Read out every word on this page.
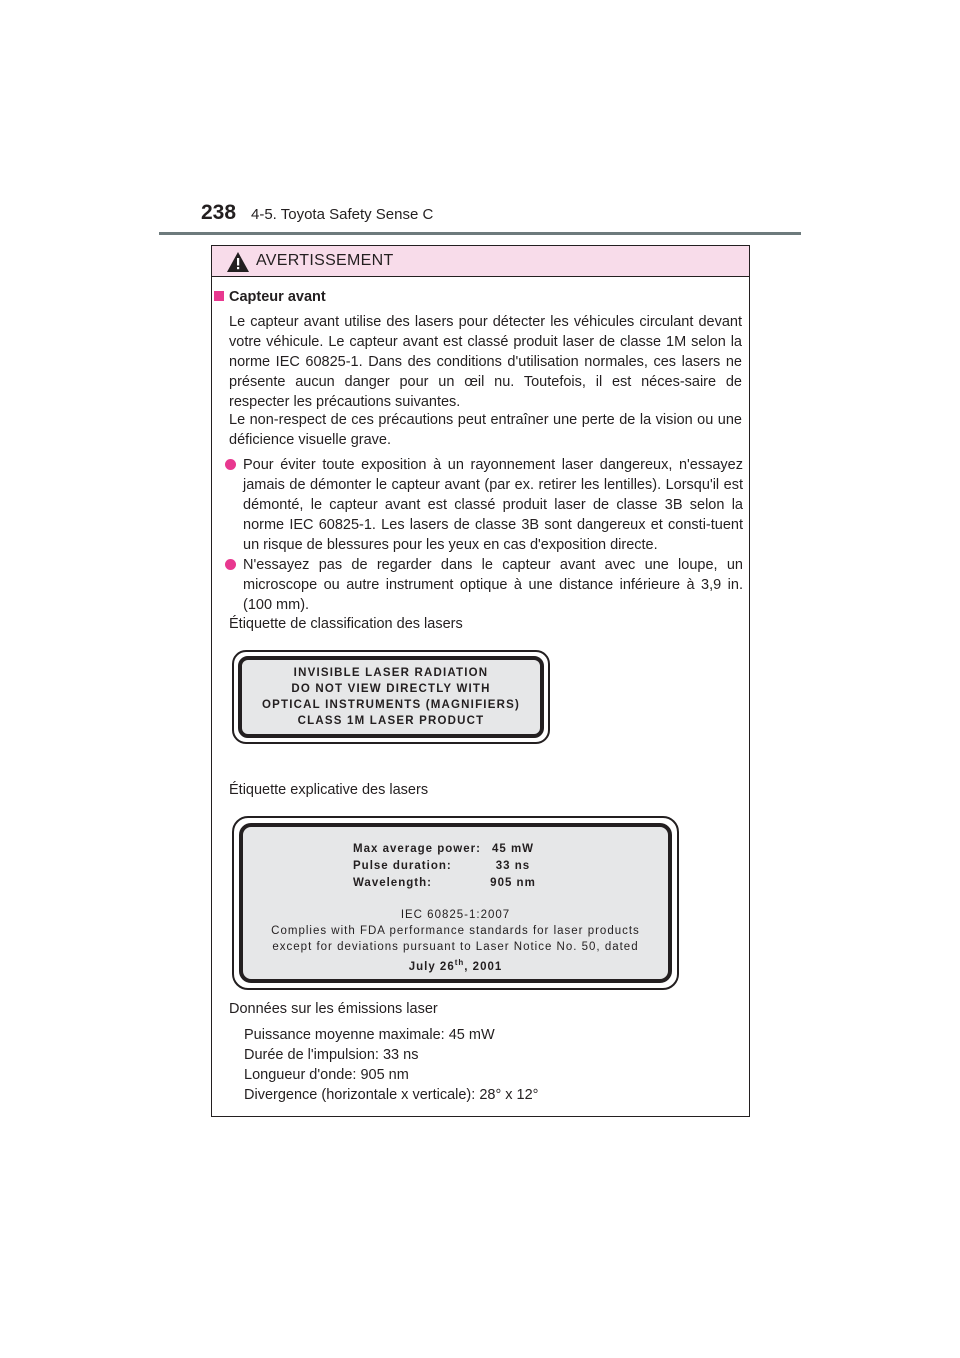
238 4-5. Toyota Safety Sense C
AVERTISSEMENT
Capteur avant
Le capteur avant utilise des lasers pour détecter les véhicules circulant devant votre véhicule. Le capteur avant est classé produit laser de classe 1M selon la norme IEC 60825-1. Dans des conditions d'utilisation normales, ces lasers ne présente aucun danger pour un œil nu. Toutefois, il est néces-saire de respecter les précautions suivantes.
Le non-respect de ces précautions peut entraîner une perte de la vision ou une déficience visuelle grave.
Pour éviter toute exposition à un rayonnement laser dangereux, n'essayez jamais de démonter le capteur avant (par ex. retirer les lentilles). Lorsqu'il est démonté, le capteur avant est classé produit laser de classe 3B selon la norme IEC 60825-1. Les lasers de classe 3B sont dangereux et consti-tuent un risque de blessures pour les yeux en cas d'exposition directe.
N'essayez pas de regarder dans le capteur avant avec une loupe, un microscope ou autre instrument optique à une distance inférieure à 3,9 in. (100 mm).
Étiquette de classification des lasers
INVISIBLE LASER RADIATION
DO NOT VIEW DIRECTLY WITH
OPTICAL INSTRUMENTS (MAGNIFIERS)
CLASS 1M LASER PRODUCT
Étiquette explicative des lasers
Max average power: 45 mW
Pulse duration:	33 ns
Wavelength:	905 nm
IEC 60825-1:2007
Complies with FDA performance standards for laser products
except for deviations pursuant to Laser Notice No. 50, dated
July 26th, 2001
Données sur les émissions laser
Puissance moyenne maximale: 45 mW
Durée de l'impulsion: 33 ns
Longueur d'onde: 905 nm
Divergence (horizontale x verticale): 28° x 12°
